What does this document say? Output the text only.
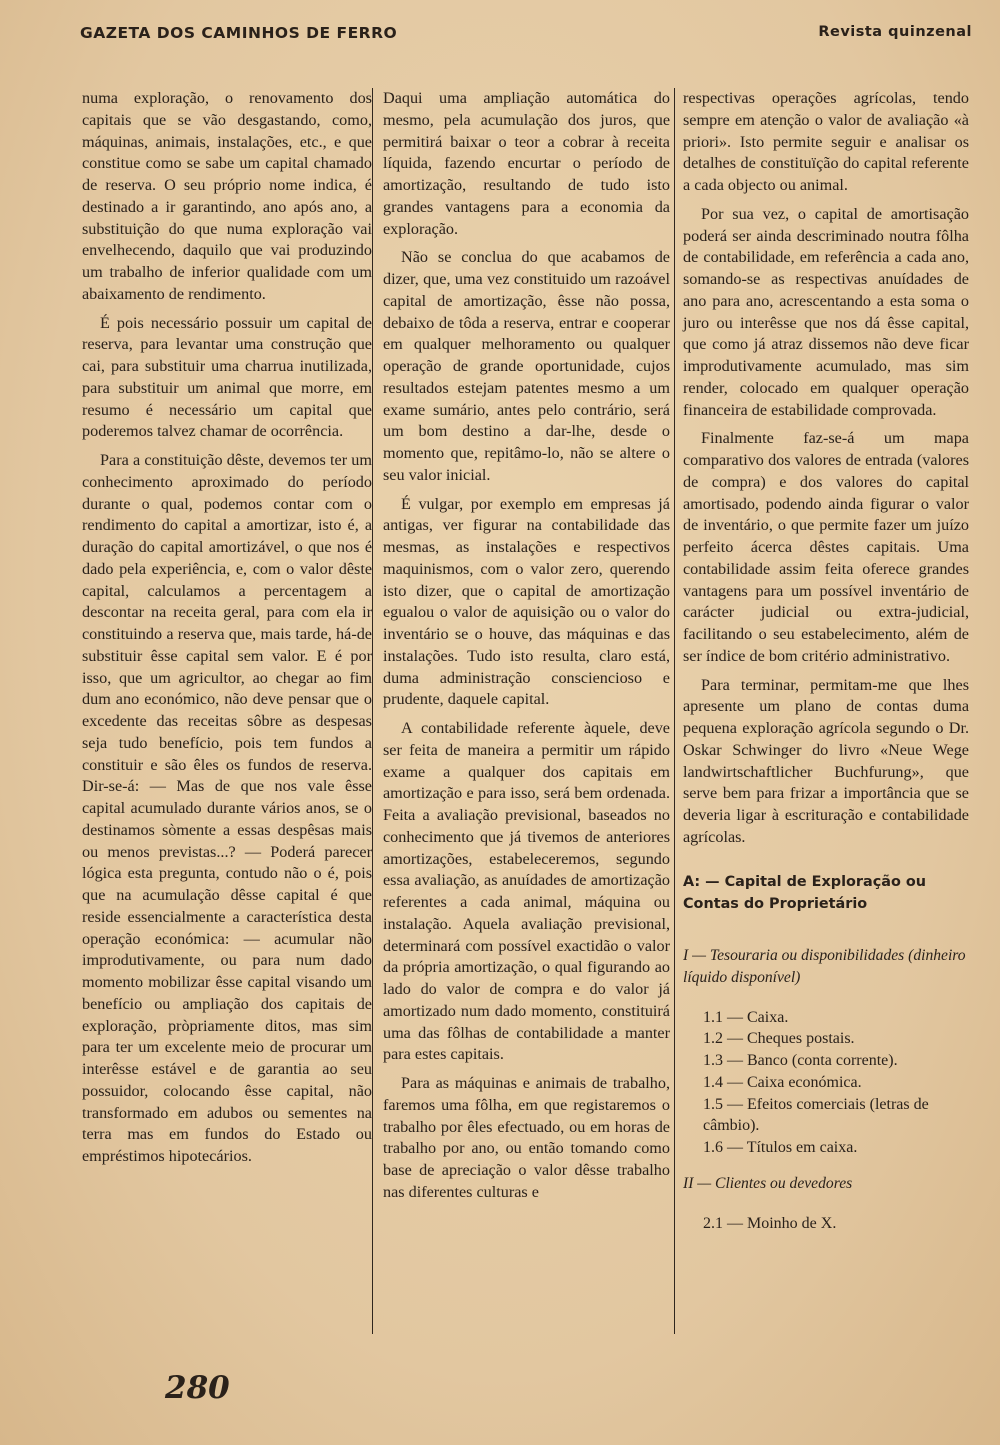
GAZETA DOS CAMINHOS DE FERRO	Revista quinzenal

numa exploração, o renovamento dos capitais que se vão desgastando, como, máquinas, animais, instalações, etc., e que constitue como se sabe um capital chamado de reserva. O seu próprio nome indica, é destinado a ir garantindo, ano após ano, a substituição do que numa exploração vai envelhecendo, daquilo que vai produzindo um trabalho de inferior qualidade com um abaixamento de rendimento.

É pois necessário possuir um capital de reserva, para levantar uma construção que cai, para substituir uma charrua inutilizada, para substituir um animal que morre, em resumo é necessário um capital que poderemos talvez chamar de ocorrência.

Para a constituição dêste, devemos ter um conhecimento aproximado do período durante o qual, podemos contar com o rendimento do capital a amortizar, isto é, a duração do capital amortizável, o que nos é dado pela experiência, e, com o valor dêste capital, calculamos a percentagem a descontar na receita geral, para com ela ir constituindo a reserva que, mais tarde, há-de substituir êsse capital sem valor. E é por isso, que um agricultor, ao chegar ao fim dum ano económico, não deve pensar que o excedente das receitas sôbre as despesas seja tudo benefício, pois tem fundos a constituir e são êles os fundos de reserva. Dir-se-á: — Mas de que nos vale êsse capital acumulado durante vários anos, se o destinamos sòmente a essas despêsas mais ou menos previstas...? — Poderá parecer lógica esta pregunta, contudo não o é, pois que na acumulação dêsse capital é que reside essencialmente a característica desta operação económica: — acumular não improdutivamente, ou para num dado momento mobilizar êsse capital visando um benefício ou ampliação dos capitais de exploração, pròpriamente ditos, mas sim para ter um excelente meio de procurar um interêsse estável e de garantia ao seu possuidor, colocando êsse capital, não transformado em adubos ou sementes na terra mas em fundos do Estado ou empréstimos hipotecários.

Daqui uma ampliação automática do mesmo, pela acumulação dos juros, que permitirá baixar o teor a cobrar à receita líquida, fazendo encurtar o período de amortização, resultando de tudo isto grandes vantagens para a economia da exploração.

Não se conclua do que acabamos de dizer, que, uma vez constituido um razoável capital de amortização, êsse não possa, debaixo de tôda a reserva, entrar e cooperar em qualquer melhoramento ou qualquer operação de grande oportunidade, cujos resultados estejam patentes mesmo a um exame sumário, antes pelo contrário, será um bom destino a dar-lhe, desde o momento que, repitâmo-lo, não se altere o seu valor inicial.

É vulgar, por exemplo em empresas já antigas, ver figurar na contabilidade das mesmas, as instalações e respectivos maquinismos, com o valor zero, querendo isto dizer, que o capital de amortização egualou o valor de aquisição ou o valor do inventário se o houve, das máquinas e das instalações. Tudo isto resulta, claro está, duma administração consciencioso e prudente, daquele capital.

A contabilidade referente àquele, deve ser feita de maneira a permitir um rápido exame a qualquer dos capitais em amortização e para isso, será bem ordenada. Feita a avaliação previsional, baseados no conhecimento que já tivemos de anteriores amortizações, estabeleceremos, segundo essa avaliação, as anuídades de amortização referentes a cada animal, máquina ou instalação. Aquela avaliação previsional, determinará com possível exactidão o valor da própria amortização, o qual figurando ao lado do valor de compra e do valor já amortizado num dado momento, constituirá uma das fôlhas de contabilidade a manter para estes capitais.

Para as máquinas e animais de trabalho, faremos uma fôlha, em que registaremos o trabalho por êles efectuado, ou em horas de trabalho por ano, ou então tomando como base de apreciação o valor dêsse trabalho nas diferentes culturas e

respectivas operações agrícolas, tendo sempre em atenção o valor de avaliação «à priori». Isto permite seguir e analisar os detalhes de constituïção do capital referente a cada objecto ou animal.

Por sua vez, o capital de amortisação poderá ser ainda descriminado noutra fôlha de contabilidade, em referência a cada ano, somando-se as respectivas anuídades de ano para ano, acrescentando a esta soma o juro ou interêsse que nos dá êsse capital, que como já atraz dissemos não deve ficar improdutivamente acumulado, mas sim render, colocado em qualquer operação financeira de estabilidade comprovada.

Finalmente faz-se-á um mapa comparativo dos valores de entrada (valores de compra) e dos valores do capital amortisado, podendo ainda figurar o valor de inventário, o que permite fazer um juízo perfeito ácerca dêstes capitais. Uma contabilidade assim feita oferece grandes vantagens para um possível inventário de carácter judicial ou extra-judicial, facilitando o seu estabelecimento, além de ser índice de bom critério administrativo.

Para terminar, permitam-me que lhes apresente um plano de contas duma pequena exploração agrícola segundo o Dr. Oskar Schwinger do livro «Neue Wege landwirtschaftlicher Buchfurung», que serve bem para frizar a importância que se deveria ligar à escrituração e contabilidade agrícolas.

A: — Capital de Exploração ou Contas do Proprietário
I — Tesouraria ou disponibilidades (dinheiro líquido disponível)
1.1 — Caixa.
1.2 — Cheques postais.
1.3 — Banco (conta corrente).
1.4 — Caixa económica.
1.5 — Efeitos comerciais (letras de câmbio).
1.6 — Títulos em caixa.
II — Clientes ou devedores
2.1 — Moinho de X.
280
